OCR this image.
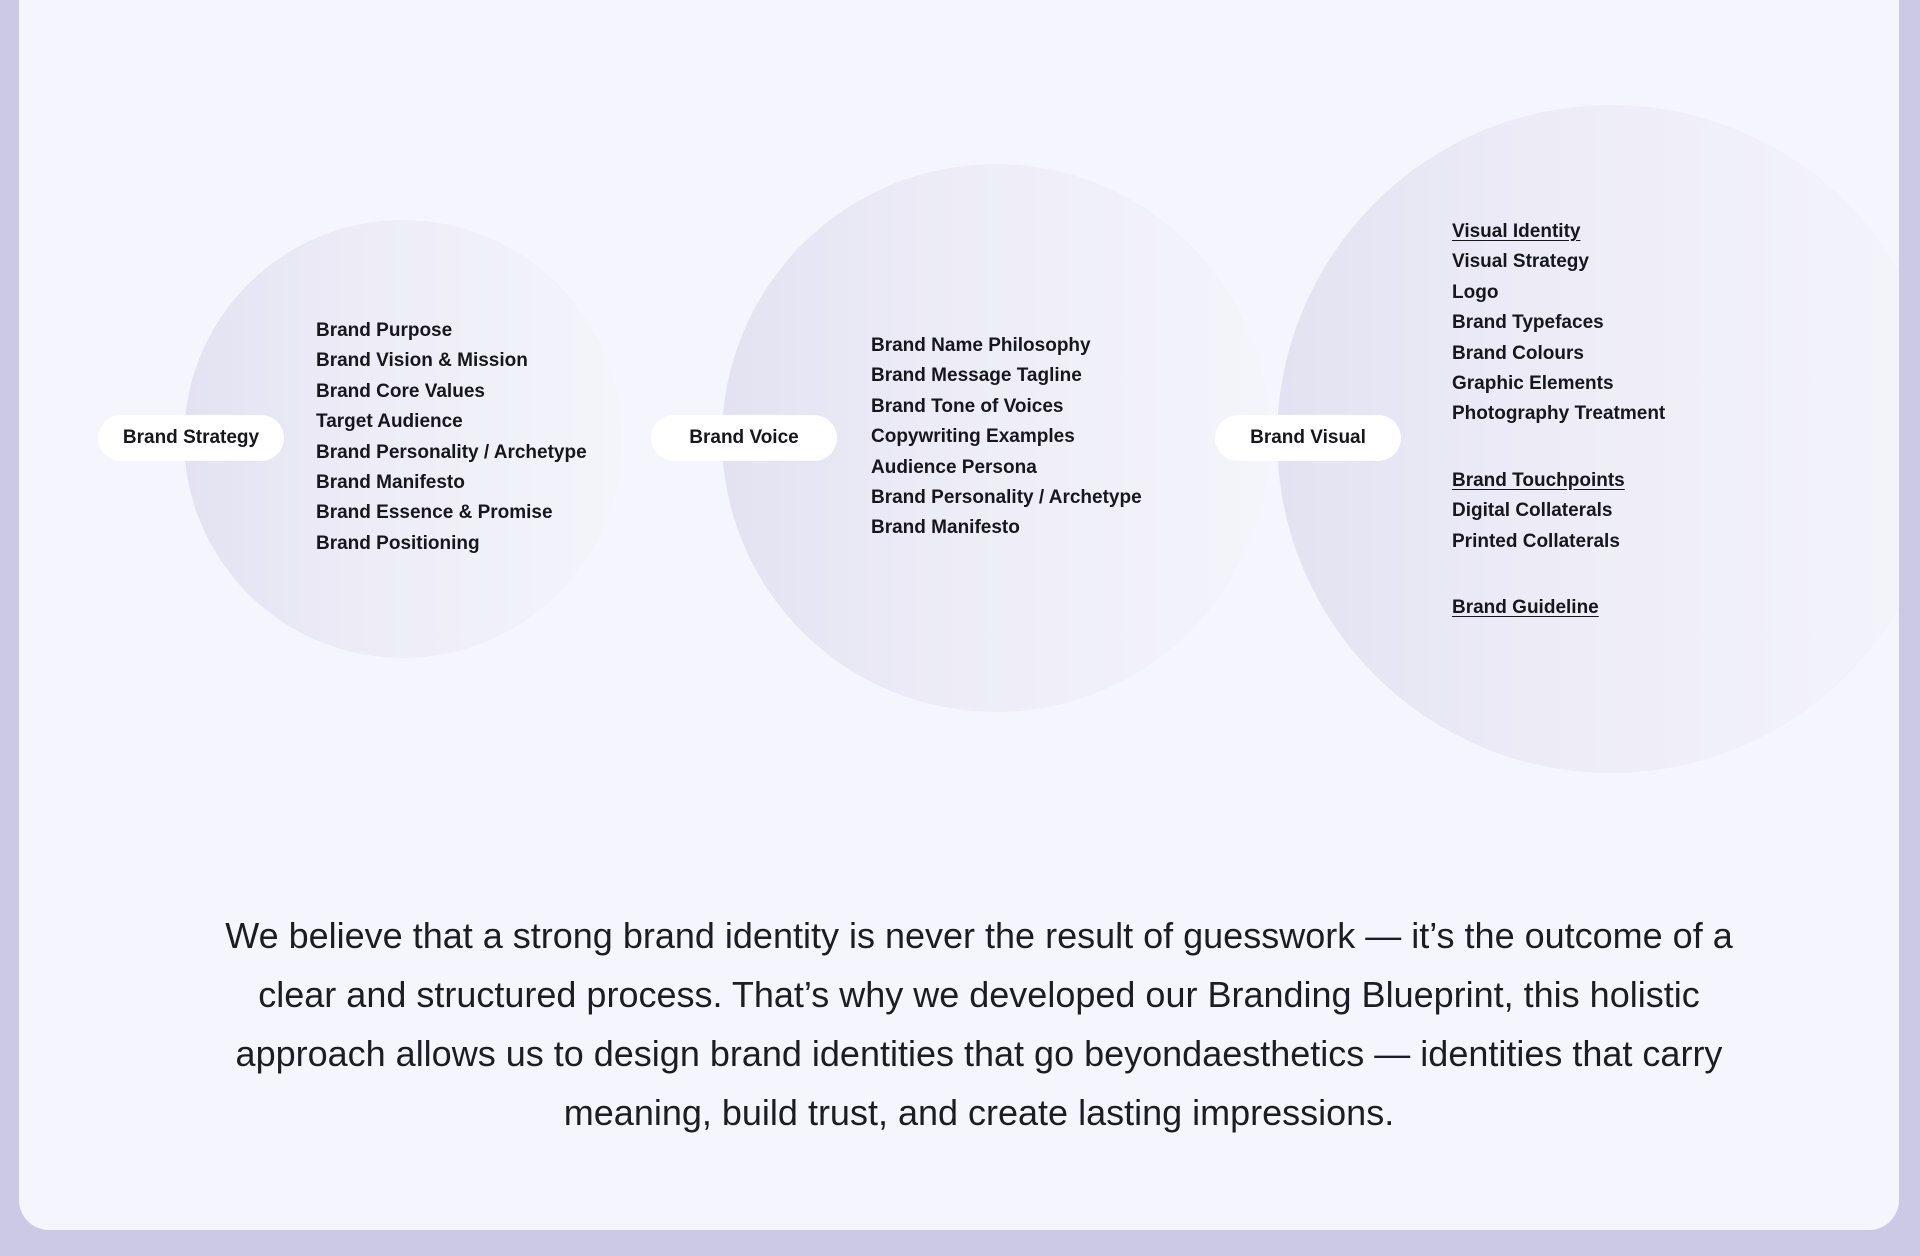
Brand Strategy
Brand Purpose
Brand Vision & Mission
Brand Core Values
Target Audience
Brand Personality / Archetype
Brand Manifesto
Brand Essence & Promise
Brand Positioning
Brand Voice
Brand Name Philosophy
Brand Message Tagline
Brand Tone of Voices
Copywriting Examples
Audience Persona
Brand Personality / Archetype
Brand Manifesto
Brand Visual
Visual Identity
Visual Strategy
Logo
Brand Typefaces
Brand Colours
Graphic Elements
Photography Treatment
Brand Touchpoints
Digital Collaterals
Printed Collaterals
Brand Guideline

We believe that a strong brand identity is never the result of guesswork — it’s the outcome of a clear and structured process. That’s why we developed our Branding Blueprint, this holistic approach allows us to design brand identities that go beyondaesthetics — identities that carry meaning, build trust, and create lasting impressions.
